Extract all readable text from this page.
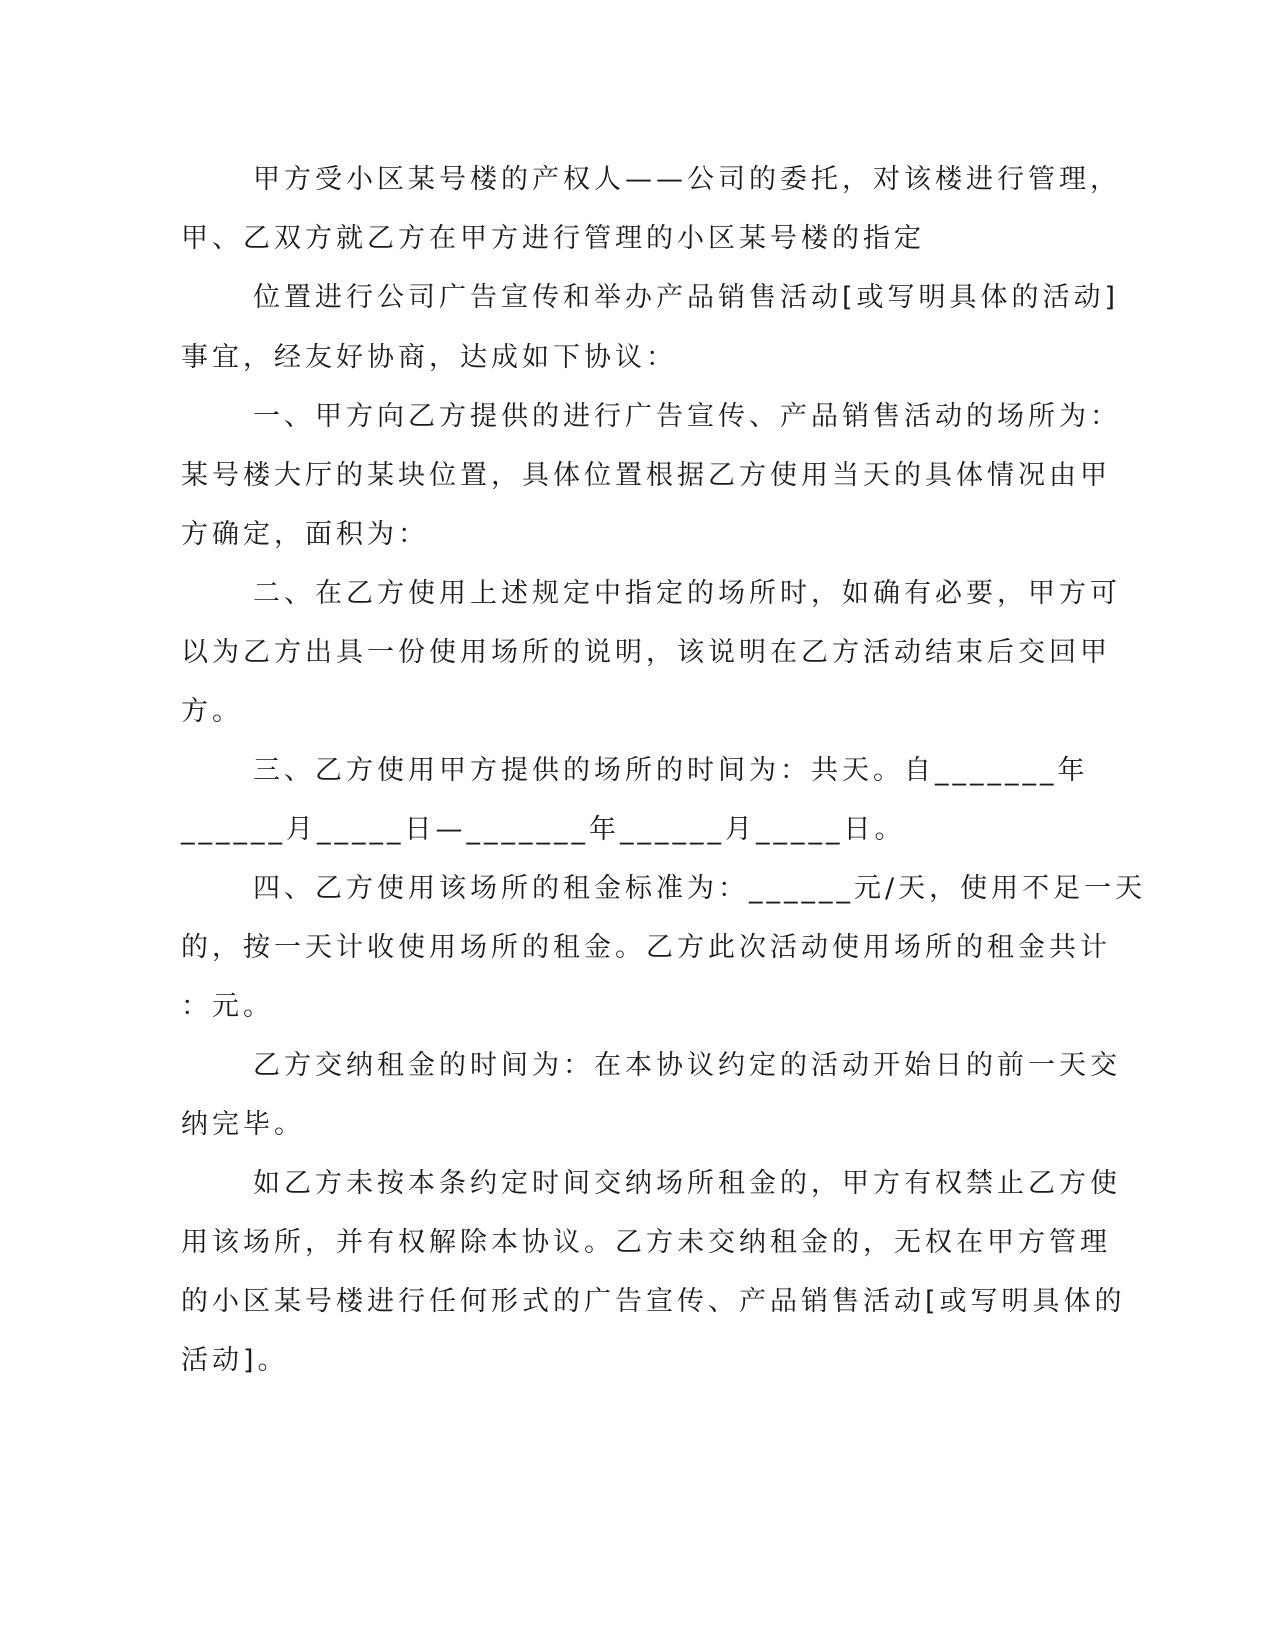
甲方受小区某号楼的产权人——公司的委托，对该楼进行管理，
甲、乙双方就乙方在甲方进行管理的小区某号楼的指定
位置进行公司广告宣传和举办产品销售活动[或写明具体的活动]
事宜，经友好协商，达成如下协议：
一、甲方向乙方提供的进行广告宣传、产品销售活动的场所为：
某号楼大厅的某块位置，具体位置根据乙方使用当天的具体情况由甲
方确定，面积为：
二、在乙方使用上述规定中指定的场所时，如确有必要，甲方可
以为乙方出具一份使用场所的说明，该说明在乙方活动结束后交回甲
方。
三、乙方使用甲方提供的场所的时间为：共天。自_______年
______月_____日—_______年______月_____日。
四、乙方使用该场所的租金标准为：______元/天，使用不足一天
的，按一天计收使用场所的租金。乙方此次活动使用场所的租金共计
：元。
乙方交纳租金的时间为：在本协议约定的活动开始日的前一天交
纳完毕。
如乙方未按本条约定时间交纳场所租金的，甲方有权禁止乙方使
用该场所，并有权解除本协议。乙方未交纳租金的，无权在甲方管理
的小区某号楼进行任何形式的广告宣传、产品销售活动[或写明具体的
活动]。
